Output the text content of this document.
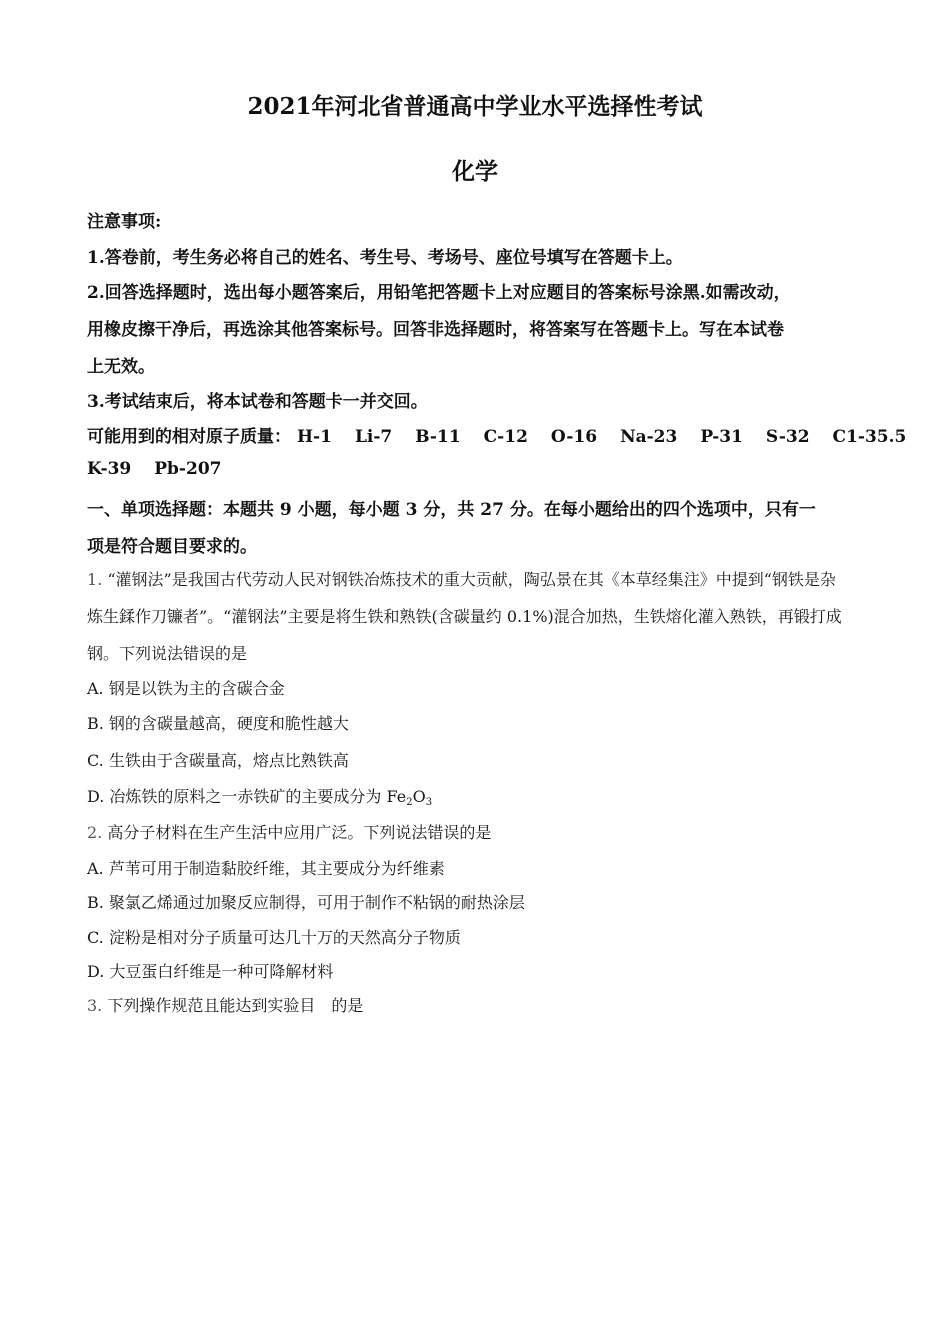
2021年河北省普通高中学业水平选择性考试
化学
注意事项:
1.答卷前，考生务必将自己的姓名、考生号、考场号、座位号填写在答题卡上。
2.回答选择题时，选出每小题答案后，用铅笔把答题卡上对应题目的答案标号涂黑.如需改动，
用橡皮擦干净后，再选涂其他答案标号。回答非选择题时，将答案写在答题卡上。写在本试卷
上无效。
3.考试结束后，将本试卷和答题卡一并交回。
可能用到的相对原子质量： H-1 Li-7 B-11 C-12 O-16 Na-23 P-31 S-32 C1-35.5
K-39 Pb-207
一、单项选择题：本题共 9 小题，每小题 3 分，共 27 分。在每小题给出的四个选项中，只有一
项是符合题目要求的。
1. “灌钢法”是我国古代劳动人民对钢铁冶炼技术的重大贡献，陶弘景在其《本草经集注》中提到“钢铁是杂
炼生鍒作刀镰者”。“灌钢法”主要是将生铁和熟铁(含碳量约 0.1%)混合加热，生铁熔化灌入熟铁，再锻打成
钢。下列说法错误的是
A. 钢是以铁为主的含碳合金
B. 钢的含碳量越高，硬度和脆性越大
C. 生铁由于含碳量高，熔点比熟铁高
D. 冶炼铁的原料之一赤铁矿的主要成分为 $Fe_2O_3$
2. 高分子材料在生产生活中应用广泛。下列说法错误的是
A. 芦苇可用于制造黏胶纤维，其主要成分为纤维素
B. 聚氯乙烯通过加聚反应制得，可用于制作不粘锅的耐热涂层
C. 淀粉是相对分子质量可达几十万的天然高分子物质
D. 大豆蛋白纤维是一种可降解材料
3. 下列操作规范且能达到实验目　的是
